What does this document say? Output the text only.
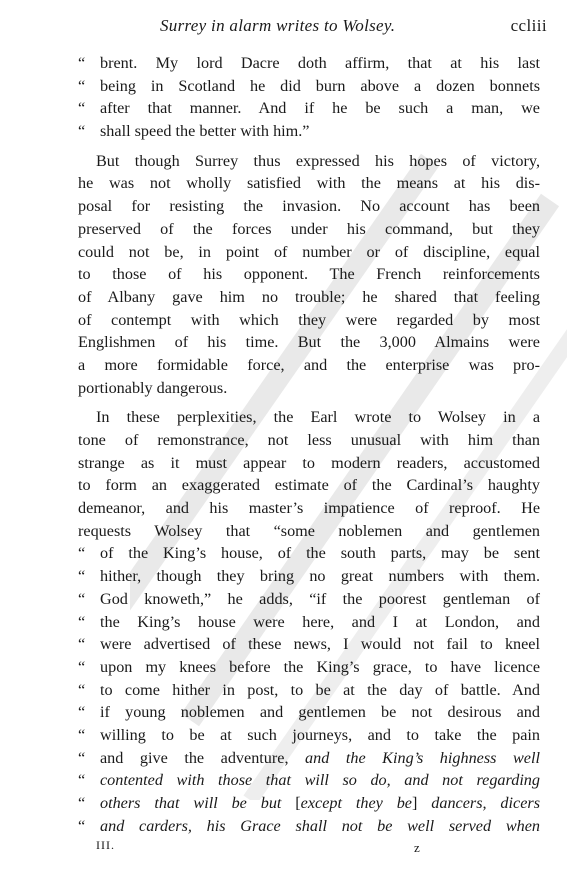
Surrey in alarm writes to Wolsey.	ccliii
“ brent. My lord Dacre doth affirm, that at his last
“ being in Scotland he did burn above a dozen bonnets
“ after that manner. And if he be such a man, we
“ shall speed the better with him.”
But though Surrey thus expressed his hopes of victory,
he was not wholly satisfied with the means at his dis-
posal for resisting the invasion. No account has been
preserved of the forces under his command, but they
could not be, in point of number or of discipline, equal
to those of his opponent. The French reinforcements
of Albany gave him no trouble; he shared that feeling
of contempt with which they were regarded by most
Englishmen of his time. But the 3,000 Almains were
a more formidable force, and the enterprise was pro-
portionably dangerous.
In these perplexities, the Earl wrote to Wolsey in a
tone of remonstrance, not less unusual with him than
strange as it must appear to modern readers, accustomed
to form an exaggerated estimate of the Cardinal’s haughty
demeanor, and his master’s impatience of reproof. He
requests Wolsey that “some noblemen and gentlemen
“ of the King’s house, of the south parts, may be sent
“ hither, though they bring no great numbers with them.
“ God knoweth,” he adds, “if the poorest gentleman of
“ the King’s house were here, and I at London, and
“ were advertised of these news, I would not fail to kneel
“ upon my knees before the King’s grace, to have licence
“ to come hither in post, to be at the day of battle. And
“ if young noblemen and gentlemen be not desirous and
“ willing to be at such journeys, and to take the pain
“ and give the adventure, and the King’s highness well
“ contented with those that will so do, and not regarding
“ others that will be but [except they be] dancers, dicers
“ and carders, his Grace shall not be well served when
III.	z
